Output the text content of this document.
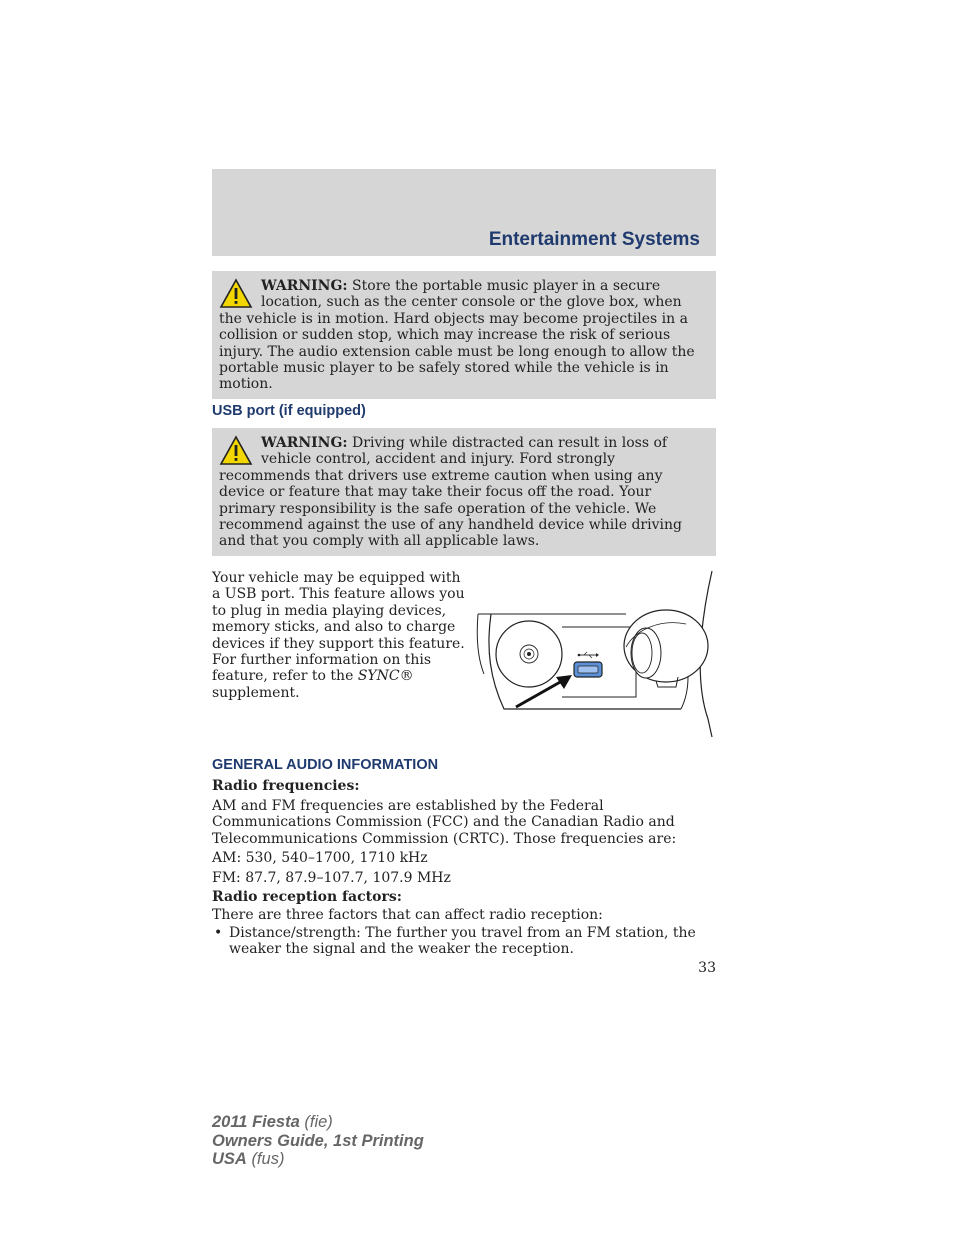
Entertainment Systems
WARNING: Store the portable music player in a secure location, such as the center console or the glove box, when the vehicle is in motion. Hard objects may become projectiles in a collision or sudden stop, which may increase the risk of serious injury. The audio extension cable must be long enough to allow the portable music player to be safely stored while the vehicle is in motion.
USB port (if equipped)
WARNING: Driving while distracted can result in loss of vehicle control, accident and injury. Ford strongly recommends that drivers use extreme caution when using any device or feature that may take their focus off the road. Your primary responsibility is the safe operation of the vehicle. We recommend against the use of any handheld device while driving and that you comply with all applicable laws.
Your vehicle may be equipped with a USB port. This feature allows you to plug in media playing devices, memory sticks, and also to charge devices if they support this feature. For further information on this feature, refer to the SYNC® supplement.
GENERAL AUDIO INFORMATION
Radio frequencies:
AM and FM frequencies are established by the Federal Communications Commission (FCC) and the Canadian Radio and Telecommunications Commission (CRTC). Those frequencies are:
AM: 530, 540–1700, 1710 kHz
FM: 87.7, 87.9–107.7, 107.9 MHz
Radio reception factors:
There are three factors that can affect radio reception:
• Distance/strength: The further you travel from an FM station, the weaker the signal and the weaker the reception.
33
2011 Fiesta (fie)
Owners Guide, 1st Printing
USA (fus)
